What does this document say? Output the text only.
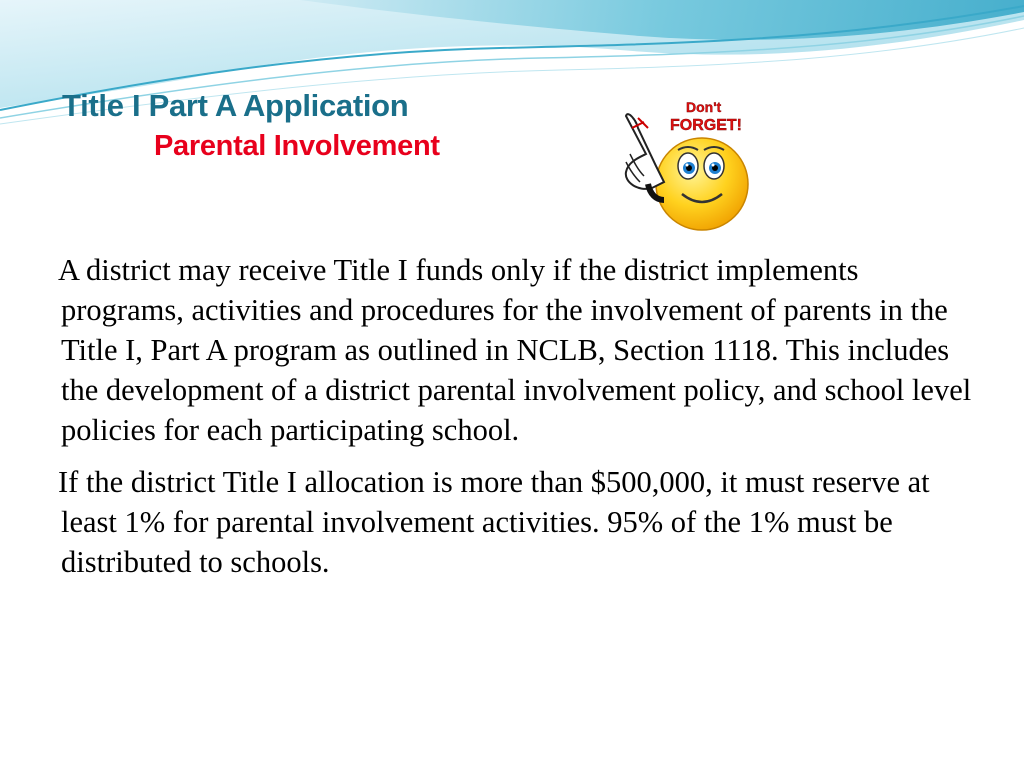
Title I Part A Application
Parental Involvement
Don't
FORGET!

A district may receive Title I funds only if the district implements programs, activities and procedures for the involvement of parents in the Title I, Part A program as outlined in NCLB, Section 1118. This includes the development of a district parental involvement policy, and school level policies for each participating school.

If the district Title I allocation is more than $500,000, it must reserve at least 1% for parental involvement activities. 95% of the 1% must be distributed to schools.
